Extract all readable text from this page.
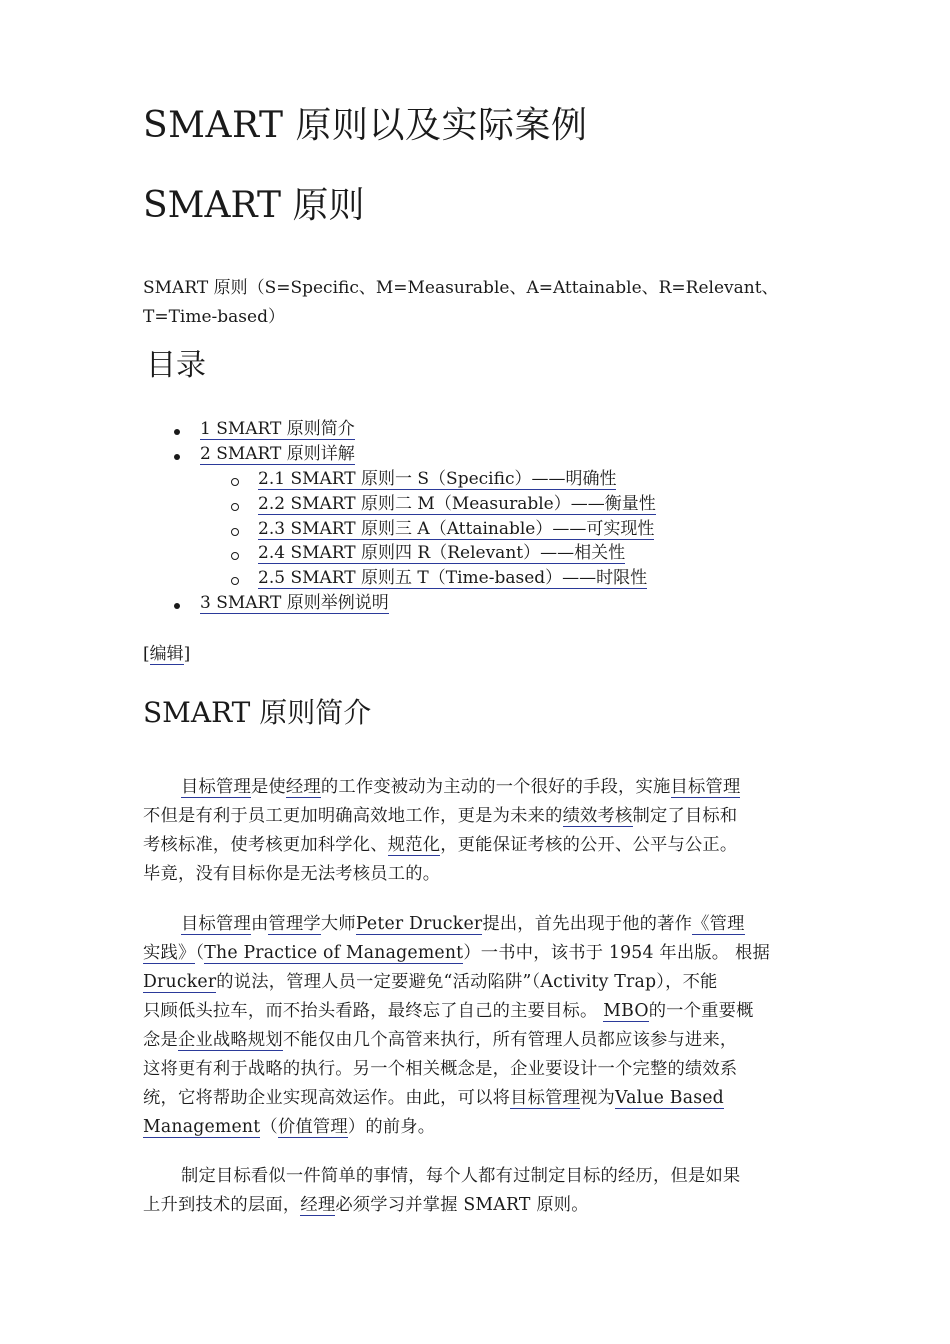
SMART 原则以及实际案例
SMART 原则
SMART 原则（S=Specific、M=Measurable、A=Attainable、R=Relevant、
T=Time-based）
目录
1 SMART 原则简介
2 SMART 原则详解
2.1 SMART 原则一 S（Specific）——明确性
2.2 SMART 原则二 M（Measurable）——衡量性
2.3 SMART 原则三 A（Attainable）——可实现性
2.4 SMART 原则四 R（Relevant）——相关性
2.5 SMART 原则五 T（Time-based）——时限性
3 SMART 原则举例说明
[编辑]
SMART 原则简介
目标管理是使经理的工作变被动为主动的一个很好的手段，实施目标管理
不但是有利于员工更加明确高效地工作，更是为未来的绩效考核制定了目标和
考核标准，使考核更加科学化、规范化，更能保证考核的公开、公平与公正。
毕竟，没有目标你是无法考核员工的。
目标管理由管理学大师Peter Drucker提出，首先出现于他的著作《管理
实践》（The Practice of Management）一书中，该书于 1954 年出版。 根据
Drucker的说法，管理人员一定要避免“活动陷阱”（Activity Trap），不能
只顾低头拉车，而不抬头看路，最终忘了自己的主要目标。 MBO的一个重要概
念是企业战略规划不能仅由几个高管来执行，所有管理人员都应该参与进来，
这将更有利于战略的执行。另一个相关概念是，企业要设计一个完整的绩效系
统，它将帮助企业实现高效运作。由此，可以将目标管理视为Value Based
Management（价值管理）的前身。
制定目标看似一件简单的事情，每个人都有过制定目标的经历，但是如果
上升到技术的层面，经理必须学习并掌握 SMART 原则。
